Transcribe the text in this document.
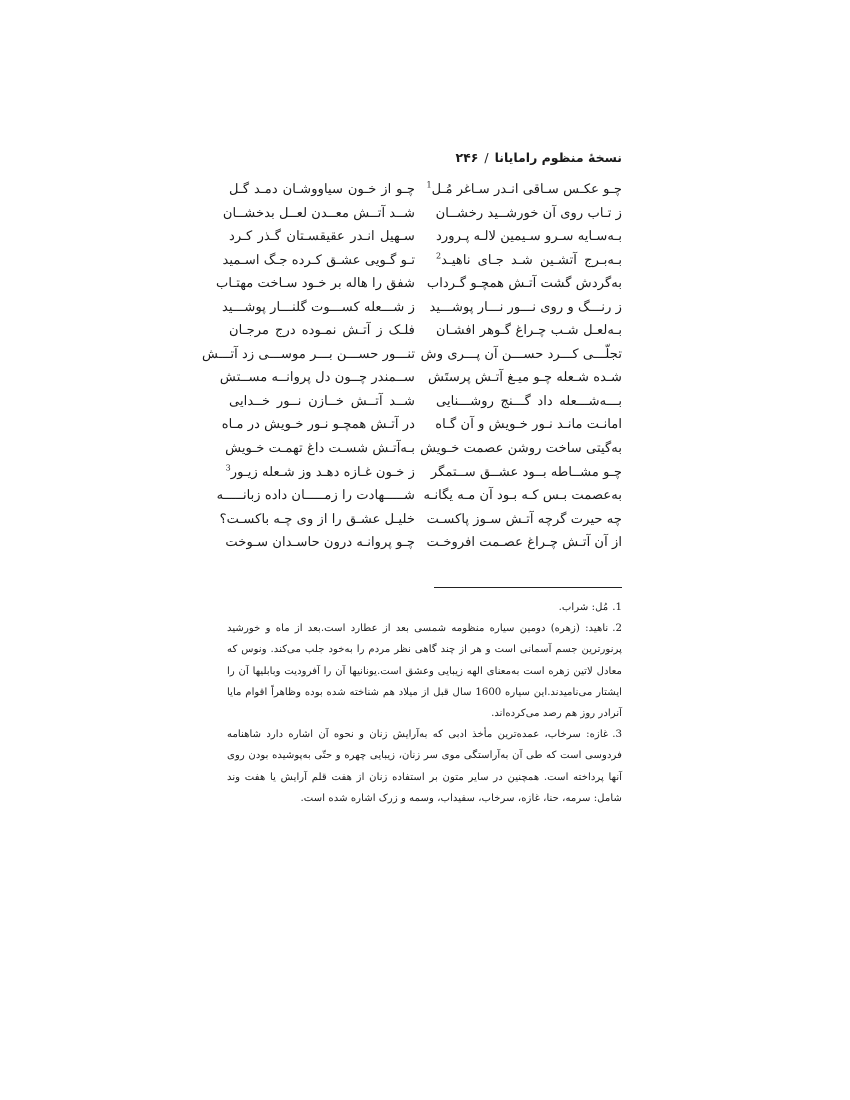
نسخهٔ منظوم رامایانا/۲۴۶
چـو عکـس سـاقی انـدر سـاغر مُـل$^1$
ز تـاب روی آن خورشــید رخشــان
بـه‌سـایه سـرو سـیمین لالـه پـرورد
بـه‌بـرج آتشـین شـد جـای ناهیـد$^2$
به‌گردش گشت آتـش همچـو گـرداب
ز رنـــگ و روی نـــور نـــار پوشـــید
بـه‌لعـل شـب چـراغ گـوهر افشـان
تجلّـــی کـــرد حســـن آن پـــری وش
شـده شـعله چـو میـغ آتـش پرستَش
بـــه‌شـــعله داد گـــنج روشـــنایی
امانـت مانـد نـور خـویش و آن گـاه
به‌گیتی ساخت روشن عصمت خـویش
چـو مشــاطه بــود عشــق ســتمگر
به‌عصمت بـس کـه بـود آن مـه یگانـه
چه حیرت گرچه آتـش سـوز پاکسـت
از آن آتـش چـراغ عصـمت افروخـت
چـو از خـون سیاووشـان دمـد گـل
شــد آتــش معــدن لعــل بدخشــان
سـهیل انـدر عقیقسـتان گـذر کـرد
تـو گـویی عشـق کـرده جـگ اسـمید
شفق را هاله بر خـود سـاخت مهتـاب
ز شـــعله کســـوت گلنـــار پوشـــید
فلـک ز آتـش نمـوده درج مرجـان
تنـــور حســـن بـــر موســـی زد آتـــش
ســمندر چــون دل پروانــه مســتش
شــد آتــش خــازن نــور خــدایی
در آتـش همچـو نـور خـویش در مـاه
بـه‌آتـش شسـت داغ تهمـت خـویش
ز خـون غـازه دهـد وز شـعله زیـور$^3$
شـــــهادت را زمـــــان داده زبانـــــه
خلیـل عشـق را از وی چـه باکسـت؟
چـو پروانـه درون حاسـدان سـوخت

1.مُل: شراب.

2.ناهید: (زهره) دومین سیاره منظومه شمسی بعد از عطارد است.بعد از ماه و خورشید پرنورترین جسم آسمانی است و هر از چند گاهی نظر مردم را به‌خود جلب می‌کند. ونوس که معادل لاتین زهره است به‌معنای الهه زیبایی وعشق است.یونانیها آن را آفرودیت وبابلیها آن را ایشتار می‌نامیدند.این سیاره 1600 سال قبل از میلاد هم شناخته شده بوده وظاهراً اقوام مایا آنرادر روز هم رصد می‌کرده‌اند.

3.غازه: سرخاب، عمده‌ترین مأخذ ادبی که به‌آرایش زنان و نحوه آن اشاره دارد شاهنامه فردوسی است که طی آن به‌آراستگی موی سر زنان، زیبایی چهره و حتّی به‌پوشیده بودن روی آنها پرداخته است. همچنین در سایر متون بر استفاده زنان از هفت قلم آرایش یا هفت وند شامل: سرمه، حنا، غازه، سرخاب، سفیداب، وسمه و زرک اشاره شده است.
